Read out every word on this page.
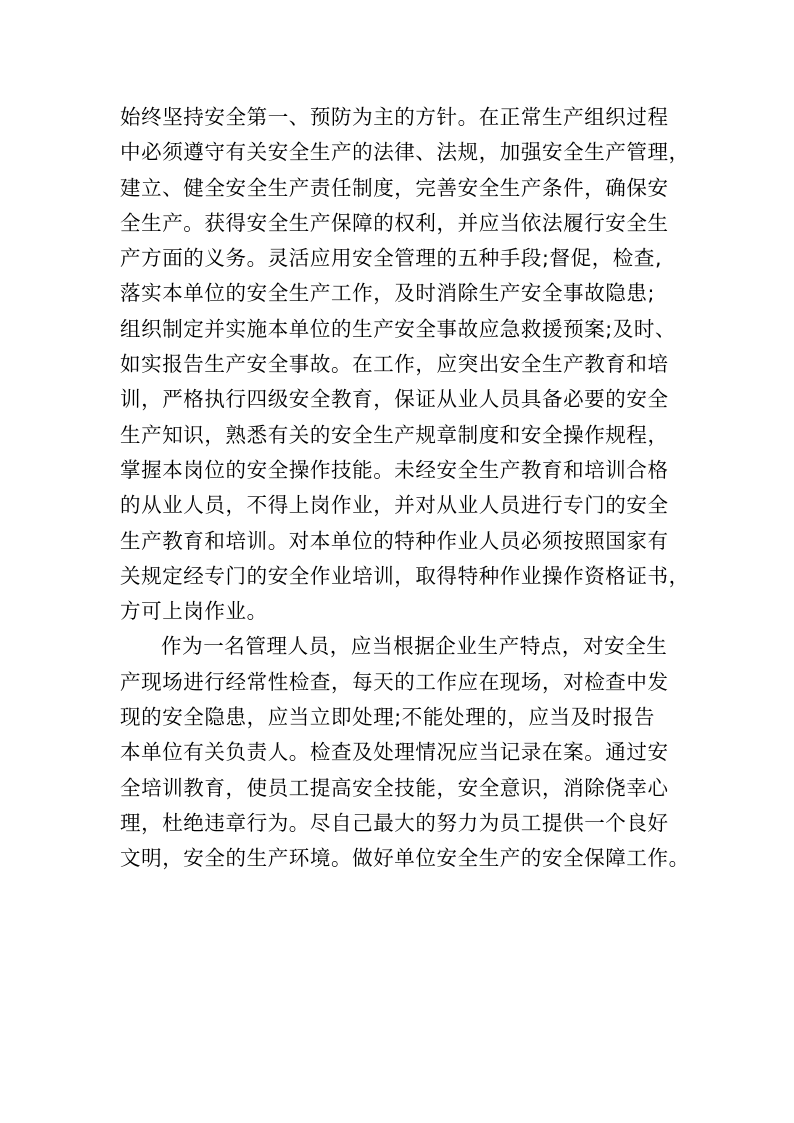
始终坚持安全第一、预防为主的方针。在正常生产组织过程
中必须遵守有关安全生产的法律、法规，加强安全生产管理，
建立、健全安全生产责任制度，完善安全生产条件，确保安
全生产。获得安全生产保障的权利，并应当依法履行安全生
产方面的义务。灵活应用安全管理的五种手段;督促，检查,
落实本单位的安全生产工作，及时消除生产安全事故隐患;
组织制定并实施本单位的生产安全事故应急救援预案;及时、
如实报告生产安全事故。在工作，应突出安全生产教育和培
训，严格执行四级安全教育，保证从业人员具备必要的安全
生产知识，熟悉有关的安全生产规章制度和安全操作规程，
掌握本岗位的安全操作技能。未经安全生产教育和培训合格
的从业人员，不得上岗作业，并对从业人员进行专门的安全
生产教育和培训。对本单位的特种作业人员必须按照国家有
关规定经专门的安全作业培训，取得特种作业操作资格证书，
方可上岗作业。
作为一名管理人员，应当根据企业生产特点，对安全生
产现场进行经常性检查，每天的工作应在现场，对检查中发
现的安全隐患，应当立即处理;不能处理的，应当及时报告
本单位有关负责人。检查及处理情况应当记录在案。通过安
全培训教育，使员工提高安全技能，安全意识，消除侥幸心
理，杜绝违章行为。尽自己最大的努力为员工提供一个良好
文明，安全的生产环境。做好单位安全生产的安全保障工作。
